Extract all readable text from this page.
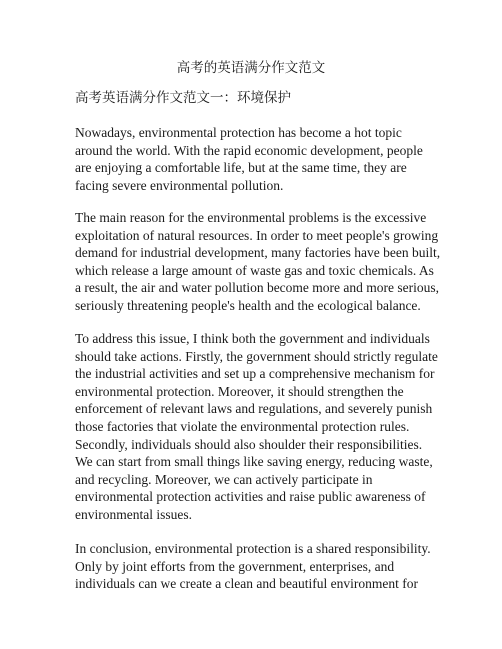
高考的英语满分作文范文
高考英语满分作文范文一：环境保护

Nowadays, environmental protection has become a hot topic
around the world. With the rapid economic development, people
are enjoying a comfortable life, but at the same time, they are
facing severe environmental pollution.

The main reason for the environmental problems is the excessive
exploitation of natural resources. In order to meet people's growing
demand for industrial development, many factories have been built,
which release a large amount of waste gas and toxic chemicals. As
a result, the air and water pollution become more and more serious,
seriously threatening people's health and the ecological balance.

To address this issue, I think both the government and individuals
should take actions. Firstly, the government should strictly regulate
the industrial activities and set up a comprehensive mechanism for
environmental protection. Moreover, it should strengthen the
enforcement of relevant laws and regulations, and severely punish
those factories that violate the environmental protection rules.
Secondly, individuals should also shoulder their responsibilities.
We can start from small things like saving energy, reducing waste,
and recycling. Moreover, we can actively participate in
environmental protection activities and raise public awareness of
environmental issues.

In conclusion, environmental protection is a shared responsibility.
Only by joint efforts from the government, enterprises, and
individuals can we create a clean and beautiful environment for
